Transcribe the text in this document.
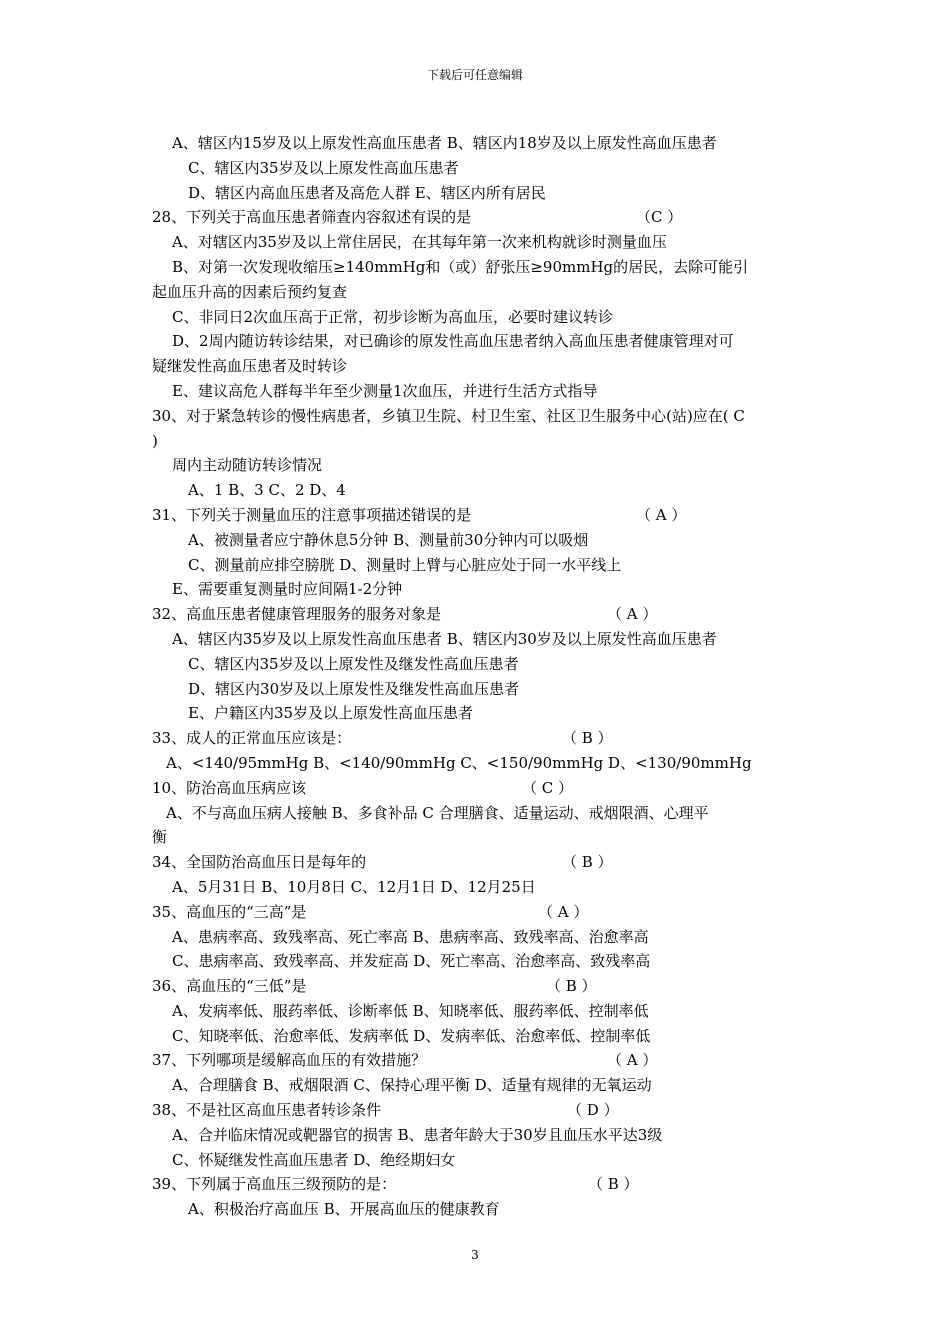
下载后可任意编辑
A、辖区内15岁及以上原发性高血压患者 B、辖区内18岁及以上原发性高血压患者
C、辖区内35岁及以上原发性高血压患者
D、辖区内高血压患者及高危人群 E、辖区内所有居民
28、下列关于高血压患者筛查内容叙述有误的是	（C ）
A、对辖区内35岁及以上常住居民，在其每年第一次来机构就诊时测量血压
B、对第一次发现收缩压≥140mmHg和（或）舒张压≥90mmHg的居民，去除可能引
起血压升高的因素后预约复查
C、非同日2次血压高于正常，初步诊断为高血压，必要时建议转诊
D、2周内随访转诊结果，对已确诊的原发性高血压患者纳入高血压患者健康管理对可
疑继发性高血压患者及时转诊
E、建议高危人群每半年至少测量1次血压，并进行生活方式指导
30、对于紧急转诊的慢性病患者，乡镇卫生院、村卫生室、社区卫生服务中心(站)应在( C
)
周内主动随访转诊情况
A、1 B、3 C、2 D、4
31、下列关于测量血压的注意事项描述错误的是	（ A ）
A、被测量者应宁静休息5分钟 B、测量前30分钟内可以吸烟
C、测量前应排空膀胱 D、测量时上臂与心脏应处于同一水平线上
E、需要重复测量时应间隔1-2分钟
32、高血压患者健康管理服务的服务对象是	（ A ）
A、辖区内35岁及以上原发性高血压患者 B、辖区内30岁及以上原发性高血压患者
C、辖区内35岁及以上原发性及继发性高血压患者
D、辖区内30岁及以上原发性及继发性高血压患者
E、户籍区内35岁及以上原发性高血压患者
33、成人的正常血压应该是：	（ B ）
A、<140/95mmHg B、<140/90mmHg C、<150/90mmHg D、<130/90mmHg
10、防治高血压病应该	（ C ）
A、不与高血压病人接触 B、多食补品 C 合理膳食、适量运动、戒烟限酒、心理平
衡
34、全国防治高血压日是每年的	（ B ）
A、5月31日 B、10月8日 C、12月1日 D、12月25日
35、高血压的“三高”是	（ A ）
A、患病率高、致残率高、死亡率高 B、患病率高、致残率高、治愈率高
C、患病率高、致残率高、并发症高 D、死亡率高、治愈率高、致残率高
36、高血压的“三低”是	（ B ）
A、发病率低、服药率低、诊断率低 B、知晓率低、服药率低、控制率低
C、知晓率低、治愈率低、发病率低 D、发病率低、治愈率低、控制率低
37、下列哪项是缓解高血压的有效措施？	（ A ）
A、合理膳食 B、戒烟限酒 C、保持心理平衡 D、适量有规律的无氧运动
38、不是社区高血压患者转诊条件	（ D ）
A、合并临床情况或靶器官的损害 B、患者年龄大于30岁且血压水平达3级
C、怀疑继发性高血压患者 D、绝经期妇女
39、下列属于高血压三级预防的是：	（ B ）
A、积极治疗高血压 B、开展高血压的健康教育
3
